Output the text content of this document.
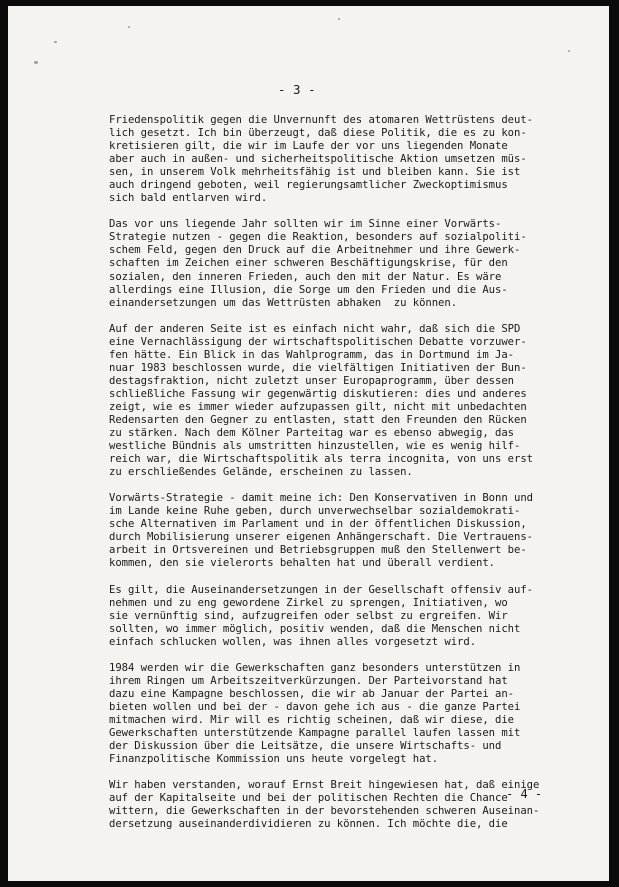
- 3 -
Friedenspolitik gegen die Unvernunft des atomaren Wettrüstens deut-
lich gesetzt. Ich bin überzeugt, daß diese Politik, die es zu kon-
kretisieren gilt, die wir im Laufe der vor uns liegenden Monate
aber auch in außen- und sicherheitspolitische Aktion umsetzen müs-
sen, in unserem Volk mehrheitsfähig ist und bleiben kann. Sie ist
auch dringend geboten, weil regierungsamtlicher Zweckoptimismus
sich bald entlarven wird.
Das vor uns liegende Jahr sollten wir im Sinne einer Vorwärts-
Strategie nutzen - gegen die Reaktion, besonders auf sozialpoliti-
schem Feld, gegen den Druck auf die Arbeitnehmer und ihre Gewerk-
schaften im Zeichen einer schweren Beschäftigungskrise, für den
sozialen, den inneren Frieden, auch den mit der Natur. Es wäre
allerdings eine Illusion, die Sorge um den Frieden und die Aus-
einandersetzungen um das Wettrüsten abhaken  zu können.
Auf der anderen Seite ist es einfach nicht wahr, daß sich die SPD
eine Vernachlässigung der wirtschaftspolitischen Debatte vorzuwer-
fen hätte. Ein Blick in das Wahlprogramm, das in Dortmund im Ja-
nuar 1983 beschlossen wurde, die vielfältigen Initiativen der Bun-
destagsfraktion, nicht zuletzt unser Europaprogramm, über dessen
schließliche Fassung wir gegenwärtig diskutieren: dies und anderes
zeigt, wie es immer wieder aufzupassen gilt, nicht mit unbedachten
Redensarten den Gegner zu entlasten, statt den Freunden den Rücken
zu stärken. Nach dem Kölner Parteitag war es ebenso abwegig, das
westliche Bündnis als umstritten hinzustellen, wie es wenig hilf-
reich war, die Wirtschaftspolitik als terra incognita, von uns erst
zu erschließendes Gelände, erscheinen zu lassen.
Vorwärts-Strategie - damit meine ich: Den Konservativen in Bonn und
im Lande keine Ruhe geben, durch unverwechselbar sozialdemokrati-
sche Alternativen im Parlament und in der öffentlichen Diskussion,
durch Mobilisierung unserer eigenen Anhängerschaft. Die Vertrauens-
arbeit in Ortsvereinen und Betriebsgruppen muß den Stellenwert be-
kommen, den sie vielerorts behalten hat und überall verdient.
Es gilt, die Auseinandersetzungen in der Gesellschaft offensiv auf-
nehmen und zu eng gewordene Zirkel zu sprengen, Initiativen, wo
sie vernünftig sind, aufzugreifen oder selbst zu ergreifen. Wir
sollten, wo immer möglich, positiv wenden, daß die Menschen nicht
einfach schlucken wollen, was ihnen alles vorgesetzt wird.
1984 werden wir die Gewerkschaften ganz besonders unterstützen in
ihrem Ringen um Arbeitszeitverkürzungen. Der Parteivorstand hat
dazu eine Kampagne beschlossen, die wir ab Januar der Partei an-
bieten wollen und bei der - davon gehe ich aus - die ganze Partei
mitmachen wird. Mir will es richtig scheinen, daß wir diese, die
Gewerkschaften unterstützende Kampagne parallel laufen lassen mit
der Diskussion über die Leitsätze, die unsere Wirtschafts- und
Finanzpolitische Kommission uns heute vorgelegt hat.
Wir haben verstanden, worauf Ernst Breit hingewiesen hat, daß einige
auf der Kapitalseite und bei der politischen Rechten die Chance
wittern, die Gewerkschaften in der bevorstehenden schweren Auseinan-
dersetzung auseinanderdividieren zu können. Ich möchte die, die
- 4 -
